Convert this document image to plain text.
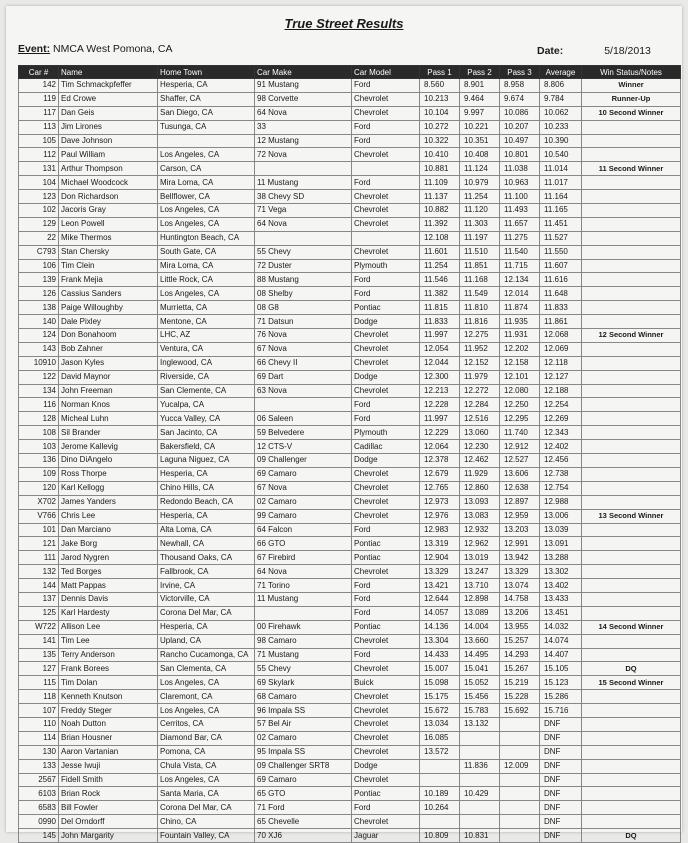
True Street Results
Event: NMCA West Pomona, CA	Date:	5/18/2013
Car #	Name	Home Town	Car Make	Car Model	Pass 1	Pass 2	Pass 3	Average	Win Status/Notes
142	Tim Schmackpfeffer	Hesperia, CA	91 Mustang	Ford	8.560	8.901	8.958	8.806	Winner
119	Ed Crowe	Shaffer, CA	98 Corvette	Chevrolet	10.213	9.464	9.674	9.784	Runner-Up
117	Dan Geis	San Diego, CA	64 Nova	Chevrolet	10.104	9.997	10.086	10.062	10 Second Winner
113	Jim Lirones	Tusunga, CA	33	Ford	10.272	10.221	10.207	10.233	
105	Dave Johnson		12 Mustang	Ford	10.322	10.351	10.497	10.390	
112	Paul William	Los Angeles, CA	72 Nova	Chevrolet	10.410	10.408	10.801	10.540	
131	Arthur Thompson	Carson, CA			10.881	11.124	11.038	11.014	11 Second Winner
104	Michael Woodcock	Mira Loma, CA	11 Mustang	Ford	11.109	10.979	10.963	11.017	
123	Don Richardson	Bellflower, CA	38 Chevy SD	Chevrolet	11.137	11.254	11.100	11.164	
102	Jacoris Gray	Los Angeles, CA	71 Vega	Chevrolet	10.882	11.120	11.493	11.165	
129	Leon Powell	Los Angeles, CA	64 Nova	Chevrolet	11.392	11.303	11.657	11.451	
22	Mike Thermos	Huntington Beach, CA			12.108	11.197	11.275	11.527	
C793	Stan Chersky	South Gate, CA	55 Chevy	Chevrolet	11.601	11.510	11.540	11.550	
106	Tim Clein	Mira Loma, CA	72 Duster	Plymouth	11.254	11.851	11.715	11.607	
139	Frank Mejia	Little Rock, CA	88 Mustang	Ford	11.546	11.168	12.134	11.616	
126	Cassius Sanders	Los Angeles, CA	08 Shelby	Ford	11.382	11.549	12.014	11.648	
138	Paige Willoughby	Murrietta, CA	08 G8	Pontiac	11.815	11.810	11.874	11.833	
140	Dale Pixley	Mentone, CA	71 Datsun	Dodge	11.833	11.816	11.935	11.861	
124	Don Bonahoom	LHC, AZ	76 Nova	Chevrolet	11.997	12.275	11.931	12.068	12 Second Winner
143	Bob Zahner	Ventura, CA	67 Nova	Chevrolet	12.054	11.952	12.202	12.069	
10910	Jason Kyles	Inglewood, CA	66 Chevy II	Chevrolet	12.044	12.152	12.158	12.118	
122	David Maynor	Riverside, CA	69 Dart	Dodge	12.300	11.979	12.101	12.127	
134	John Freeman	San Clemente, CA	63 Nova	Chevrolet	12.213	12.272	12.080	12.188	
116	Norman Knos	Yucalpa, CA		Ford	12.228	12.284	12.250	12.254	
128	Micheal Luhn	Yucca Valley, CA	06 Saleen	Ford	11.997	12.516	12.295	12.269	
108	Sil Brander	San Jacinto, CA	59 Belvedere	Plymouth	12.229	13.060	11.740	12.343	
103	Jerome Kallevig	Bakersfield, CA	12 CTS-V	Cadillac	12.064	12.230	12.912	12.402	
136	Dino DiAngelo	Laguna Niguez, CA	09 Challenger	Dodge	12.378	12.462	12.527	12.456	
109	Ross Thorpe	Hesperia, CA	69 Camaro	Chevrolet	12.679	11.929	13.606	12.738	
120	Karl Kellogg	Chino Hills, CA	67 Nova	Chevrolet	12.765	12.860	12.638	12.754	
X702	James Yanders	Redondo Beach, CA	02 Camaro	Chevrolet	12.973	13.093	12.897	12.988	
V766	Chris Lee	Hesperia, CA	99 Camaro	Chevrolet	12.976	13.083	12.959	13.006	13 Second Winner
101	Dan Marciano	Alta Loma, CA	64 Falcon	Ford	12.983	12.932	13.203	13.039	
121	Jake Borg	Newhall, CA	66 GTO	Pontiac	13.319	12.962	12.991	13.091	
111	Jarod Nygren	Thousand Oaks, CA	67 Firebird	Pontiac	12.904	13.019	13.942	13.288	
132	Ted Borges	Fallbrook, CA	64 Nova	Chevrolet	13.329	13.247	13.329	13.302	
144	Matt Pappas	Irvine, CA	71 Torino	Ford	13.421	13.710	13.074	13.402	
137	Dennis Davis	Victorville, CA	11 Mustang	Ford	12.644	12.898	14.758	13.433	
125	Karl Hardesty	Corona Del Mar, CA		Ford	14.057	13.089	13.206	13.451	
W722	Allison Lee	Hesperia, CA	00 Firehawk	Pontiac	14.136	14.004	13.955	14.032	14 Second Winner
141	Tim Lee	Upland, CA	98 Camaro	Chevrolet	13.304	13.660	15.257	14.074	
135	Terry Anderson	Rancho Cucamonga, CA	71 Mustang	Ford	14.433	14.495	14.293	14.407	
127	Frank Borees	San Clementa, CA	55 Chevy	Chevrolet	15.007	15.041	15.267	15.105	DQ
115	Tim Dolan	Los Angeles, CA	69 Skylark	Buick	15.098	15.052	15.219	15.123	15 Second Winner
118	Kenneth Knutson	Claremont, CA	68 Camaro	Chevrolet	15.175	15.456	15.228	15.286	
107	Freddy Steger	Los Angeles, CA	96 Impala SS	Chevrolet	15.672	15.783	15.692	15.716	
110	Noah Dutton	Cerritos, CA	57 Bel Air	Chevrolet	13.034	13.132		DNF	
114	Brian Housner	Diamond Bar, CA	02 Camaro	Chevrolet	16.085			DNF	
130	Aaron Vartanian	Pomona, CA	95 Impala SS	Chevrolet	13.572			DNF	
133	Jesse Iwuji	Chula Vista, CA	09 Challenger SRT8	Dodge		11.836	12.009	DNF	
2567	Fidell Smith	Los Angeles, CA	69 Camaro	Chevrolet				DNF	
6103	Brian Rock	Santa Maria, CA	65 GTO	Pontiac	10.189	10.429		DNF	
6583	Bill Fowler	Corona Del Mar, CA	71 Ford	Ford	10.264			DNF	
0990	Del Orndorff	Chino, CA	65 Chevelle	Chevrolet				DNF	
145	John Margarity	Fountain Valley, CA	70 XJ6	Jaguar	10.809	10.831		DNF	DQ
